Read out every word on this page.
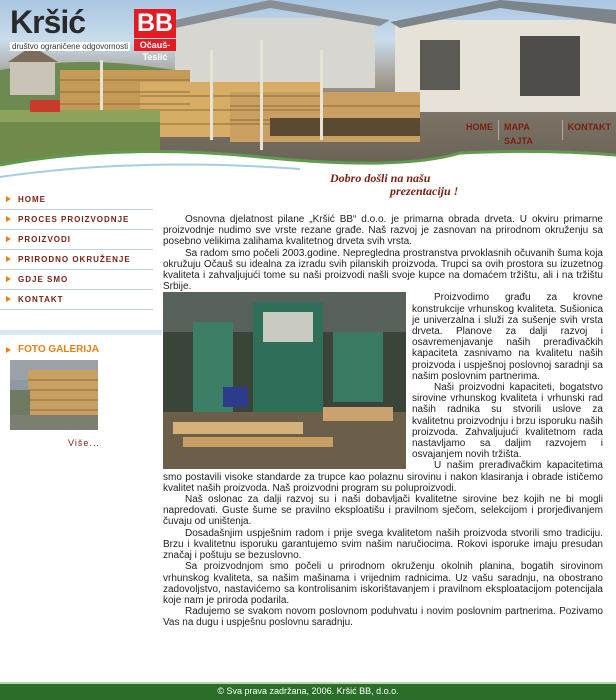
Kršić BB
društvo ograničene odgovornosti	Očauš-Teslić
HOME	MAPA SAJTA
KONTAKT
Dobro došli na našu
prezentaciju !
HOME
PROCES PROIZVODNJE
PROIZVODI
PRIRODNO OKRUŽENJE
GDJE SMO
KONTAKT
FOTO GALERIJA
Više...

Osnovna djelatnost pilane „Kršić BB“ d.o.o. je primarna obrada drveta. U okviru primarne proizvodnje nudimo sve vrste rezane građe. Naš razvoj je zasnovan na prirodnom okruženju sa posebno velikima zalihama kvalitetnog drveta svih vrsta.

Sa radom smo počeli 2003.godine. Nepregledna prostranstva prvoklasnih očuvanih šuma koja okružuju Očauš su idealna za izradu svih pilanskih proizvoda. Trupci sa ovih prostora su izuzetnog kvaliteta i zahvaljujući tome su naši proizvodi našli svoje kupce na domaćem tržištu, ali i na tržištu Srbije.

Proizvodimo građu za krovne konstrukcije vrhunskog kvaliteta. Sušionica je univerzalna i služi za sušenje svih vrsta drveta. Planove za dalji razvoj i osavremenjavanje naših prerađivačkih kapaciteta zasnivamo na kvalitetu naših proizvoda i uspješnoj poslovnoj saradnji sa našim poslovnim partnerima.

Naši proizvodni kapaciteti, bogatstvo sirovine vrhunskog kvaliteta i vrhunski rad naših radnika su stvorili uslove za kvalitetnu proizvodnju i brzu isporuku naših proizvoda. Zahvaljujući kvalitetnom rada nastavljamo sa daljim razvojem i osvajanjem novih tržišta.

U našim prerađivačkim kapacitetima smo postavili visoke standarde za trupce kao polaznu sirovinu i nakon klasiranja i obrade ističemo kvalitet naših proizvoda. Naš proizvodni program su poluproizvodi.

Naš oslonac za dalji razvoj su i naši dobavljači kvalitetne sirovine bez kojih ne bi mogli napredovati. Guste šume se pravilno eksploatišu i pravilnom sječom, selekcijom i prorjeđivanjem čuvaju od uništenja.

Dosadašnjim uspješnim radom i prije svega kvalitetom naših proizvoda stvorili smo tradiciju. Brzu i kvalitetnu isporuku garantujemo svim našim naručiocima. Rokovi isporuke imaju presudan značaj i poštuju se bezuslovno.

Sa proizvodnjom smo počeli u prirodnom okruženju okolnih planina, bogatih sirovinom vrhunskog kvaliteta, sa našim mašinama i vrijednim radnicima. Uz vašu saradnju, na obostrano zadovoljstvo, nastavićemo sa kontrolisanim iskorištavanjem i pravilnom eksploatacijom potencijala koje nam je priroda podarila.

Radujemo se svakom novom poslovnom poduhvatu i novim poslovnim partnerima. Pozivamo Vas na dugu i uspješnu poslovnu saradnju.

© Sva prava zadržana, 2006. Kršić BB, d.o.o.
